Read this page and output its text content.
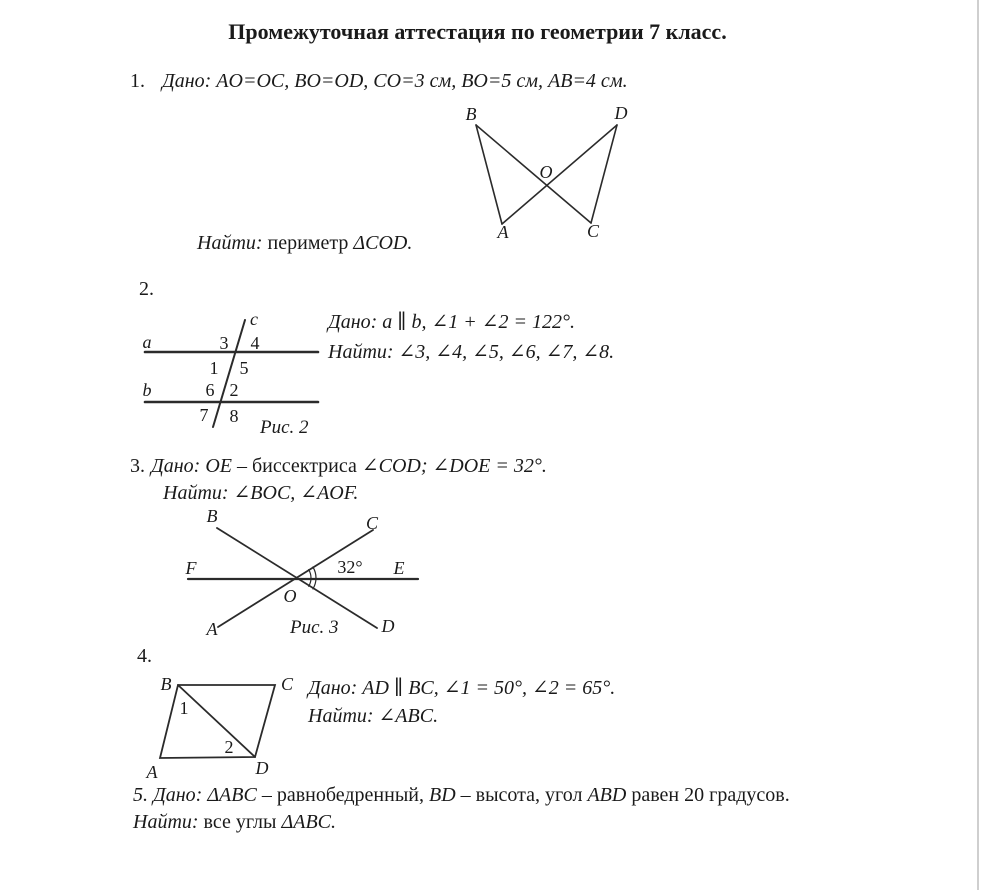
Промежуточная аттестация по геометрии 7 класс.
1. Дано: AO=OC, BO=OD, CO=3 см, BO=5 см, AB=4 см.
B	D
O
A	C
Найти: периметр ΔCOD.
2.
c
a
b
3 4
1 5
6 2
7 8
Рис. 2
Дано: a ∥ b, ∠1 + ∠2 = 122°.
Найти: ∠3, ∠4, ∠5, ∠6, ∠7, ∠8.
3. Дано: OE – биссектриса ∠COD; ∠DOE = 32°.
Найти: ∠BOC, ∠AOF.
B	C
F	E
O
A	D
32°
Рис. 3
4.
B	C
A	D
1
2
Дано: AD ∥ BC, ∠1 = 50°, ∠2 = 65°.
Найти: ∠ABC.
5. Дано: ΔABC – равнобедренный, BD – высота, угол ABD равен 20 градусов.
Найти: все углы ΔABC.
